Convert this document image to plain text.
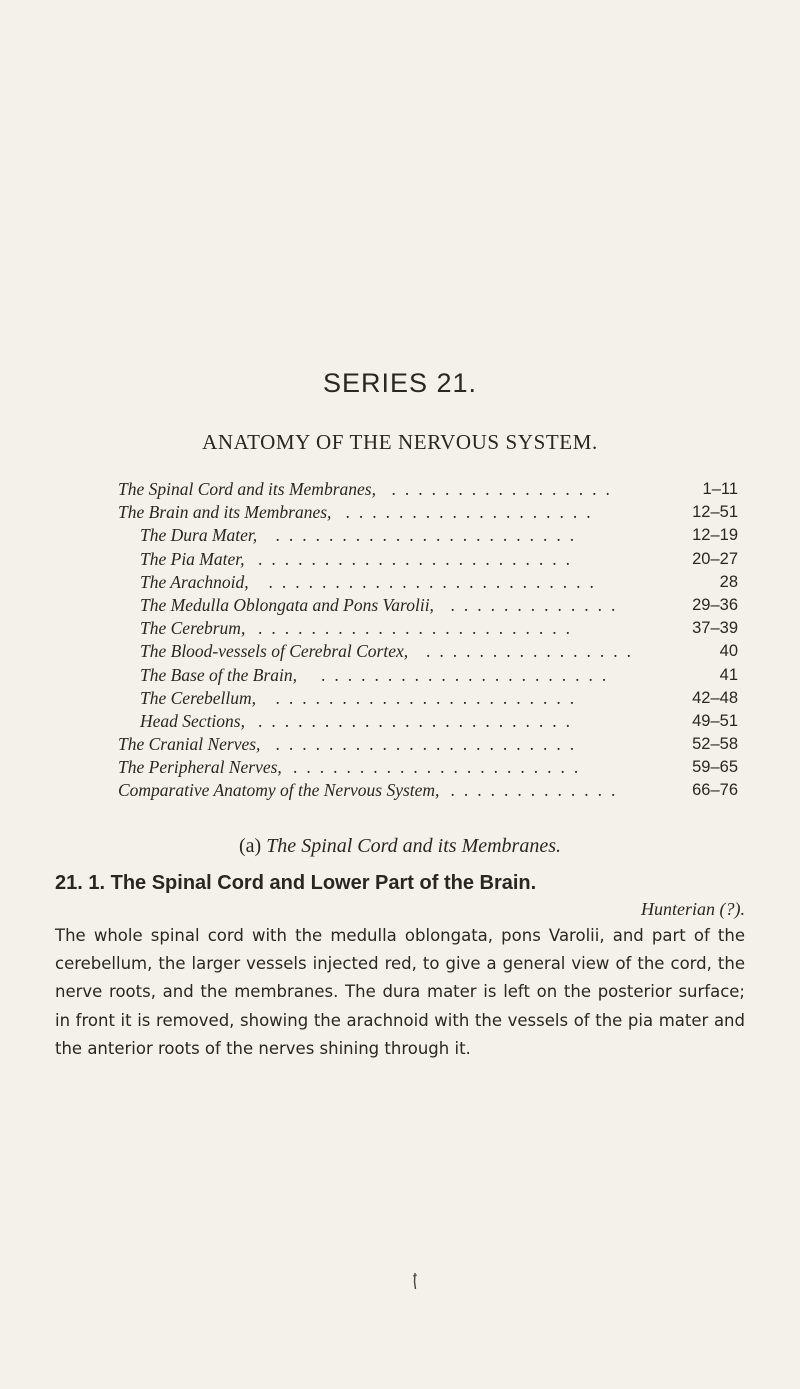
SERIES 21.
ANATOMY OF THE NERVOUS SYSTEM.
The Spinal Cord and its Membranes, .................	1–11
The Brain and its Membranes, ...................	12–51
The Dura Mater, .......................	12–19
The Pia Mater, ........................	20–27
The Arachnoid, .........................	28
The Medulla Oblongata and Pons Varolii, .............	29–36
The Cerebrum, ........................	37–39
The Blood-vessels of Cerebral Cortex, ................	40
The Base of the Brain, ......................	41
The Cerebellum, .......................	42–48
Head Sections, ........................	49–51
The Cranial Nerves, .......................	52–58
The Peripheral Nerves, ......................	59–65
Comparative Anatomy of the Nervous System, .............	66–76

(a) The Spinal Cord and its Membranes.

21. 1. The Spinal Cord and Lower Part of the Brain.
Hunterian (?).

The whole spinal cord with the medulla oblongata, pons Varolii, and part of the cerebellum, the larger vessels injected red, to give a general view of the cord, the nerve roots, and the membranes. The dura mater is left on the posterior surface; in front it is removed, showing the arachnoid with the vessels of the pia mater and the anterior roots of the nerves shining through it.
